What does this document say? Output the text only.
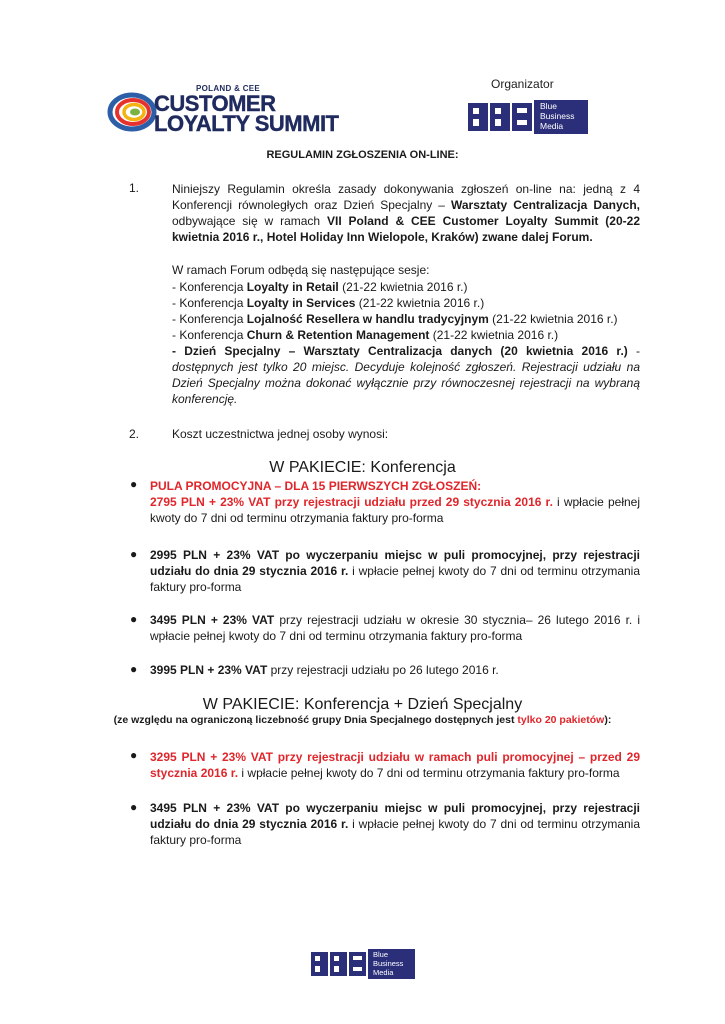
POLAND & CEE
CUSTOMER
LOYALTY SUMMIT
Organizator
Blue
Business
Media
REGULAMIN ZGŁOSZENIA ON-LINE:
1.	Niniejszy Regulamin określa zasady dokonywania zgłoszeń on-line na: jedną z 4 Konferencji równoległych oraz Dzień Specjalny – Warsztaty Centralizacja Danych, odbywające się w ramach VII Poland & CEE Customer Loyalty Summit (20-22 kwietnia 2016 r., Hotel Holiday Inn Wielopole, Kraków) zwane dalej Forum.
W ramach Forum odbędą się następujące sesje:
- Konferencja Loyalty in Retail (21-22 kwietnia 2016 r.)
- Konferencja Loyalty in Services (21-22 kwietnia 2016 r.)
- Konferencja Lojalność Resellera w handlu tradycyjnym (21-22 kwietnia 2016 r.)
- Konferencja Churn & Retention Management (21-22 kwietnia 2016 r.)
- Dzień Specjalny – Warsztaty Centralizacja danych (20 kwietnia 2016 r.) - dostępnych jest tylko 20 miejsc. Decyduje kolejność zgłoszeń. Rejestracji udziału na Dzień Specjalny można dokonać wyłącznie przy równoczesnej rejestracji na wybraną konferencję.
2.	Koszt uczestnictwa jednej osoby wynosi:
W PAKIECIE: Konferencja
● PULA PROMOCYJNA – DLA 15 PIERWSZYCH ZGŁOSZEŃ:
2795 PLN + 23% VAT przy rejestracji udziału przed 29 stycznia 2016 r. i wpłacie pełnej kwoty do 7 dni od terminu otrzymania faktury pro-forma
● 2995 PLN + 23% VAT po wyczerpaniu miejsc w puli promocyjnej, przy rejestracji udziału do dnia 29 stycznia 2016 r. i wpłacie pełnej kwoty do 7 dni od terminu otrzymania faktury pro-forma
● 3495 PLN + 23% VAT przy rejestracji udziału w okresie 30 stycznia– 26 lutego 2016 r. i wpłacie pełnej kwoty do 7 dni od terminu otrzymania faktury pro-forma
● 3995 PLN + 23% VAT przy rejestracji udziału po 26 lutego 2016 r.
W PAKIECIE: Konferencja + Dzień Specjalny
(ze względu na ograniczoną liczebność grupy Dnia Specjalnego dostępnych jest tylko 20 pakietów):
● 3295 PLN + 23% VAT przy rejestracji udziału w ramach puli promocyjnej – przed 29 stycznia 2016 r. i wpłacie pełnej kwoty do 7 dni od terminu otrzymania faktury pro-forma
● 3495 PLN + 23% VAT po wyczerpaniu miejsc w puli promocyjnej, przy rejestracji udziału do dnia 29 stycznia 2016 r. i wpłacie pełnej kwoty do 7 dni od terminu otrzymania faktury pro-forma
Blue
Business
Media
